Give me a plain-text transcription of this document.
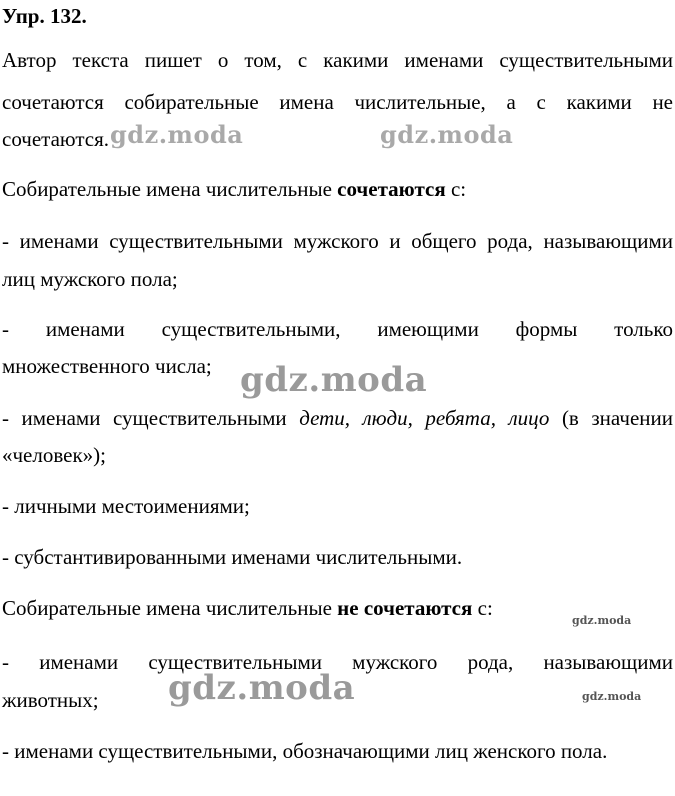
Упр. 132.
Автор текста пишет о том, с какими именами существительными
сочетаются собирательные имена числительные, а с какими не
сочетаются.
Собирательные имена числительные сочетаются с:
- именами существительными мужского и общего рода, называющими
лиц мужского пола;
- именами существительными, имеющими формы только
множественного числа;
- именами существительными дети, люди, ребята, лицо (в значении
«человек»);
- личными местоимениями;
- субстантивированными именами числительными.
Собирательные имена числительные не сочетаются с:
- именами существительными мужского рода, называющими
животных;
- именами существительными, обозначающими лиц женского пола.
gdz.moda	gdz.moda
gdz.moda
gdz.moda
gdz.moda	gdz.moda
